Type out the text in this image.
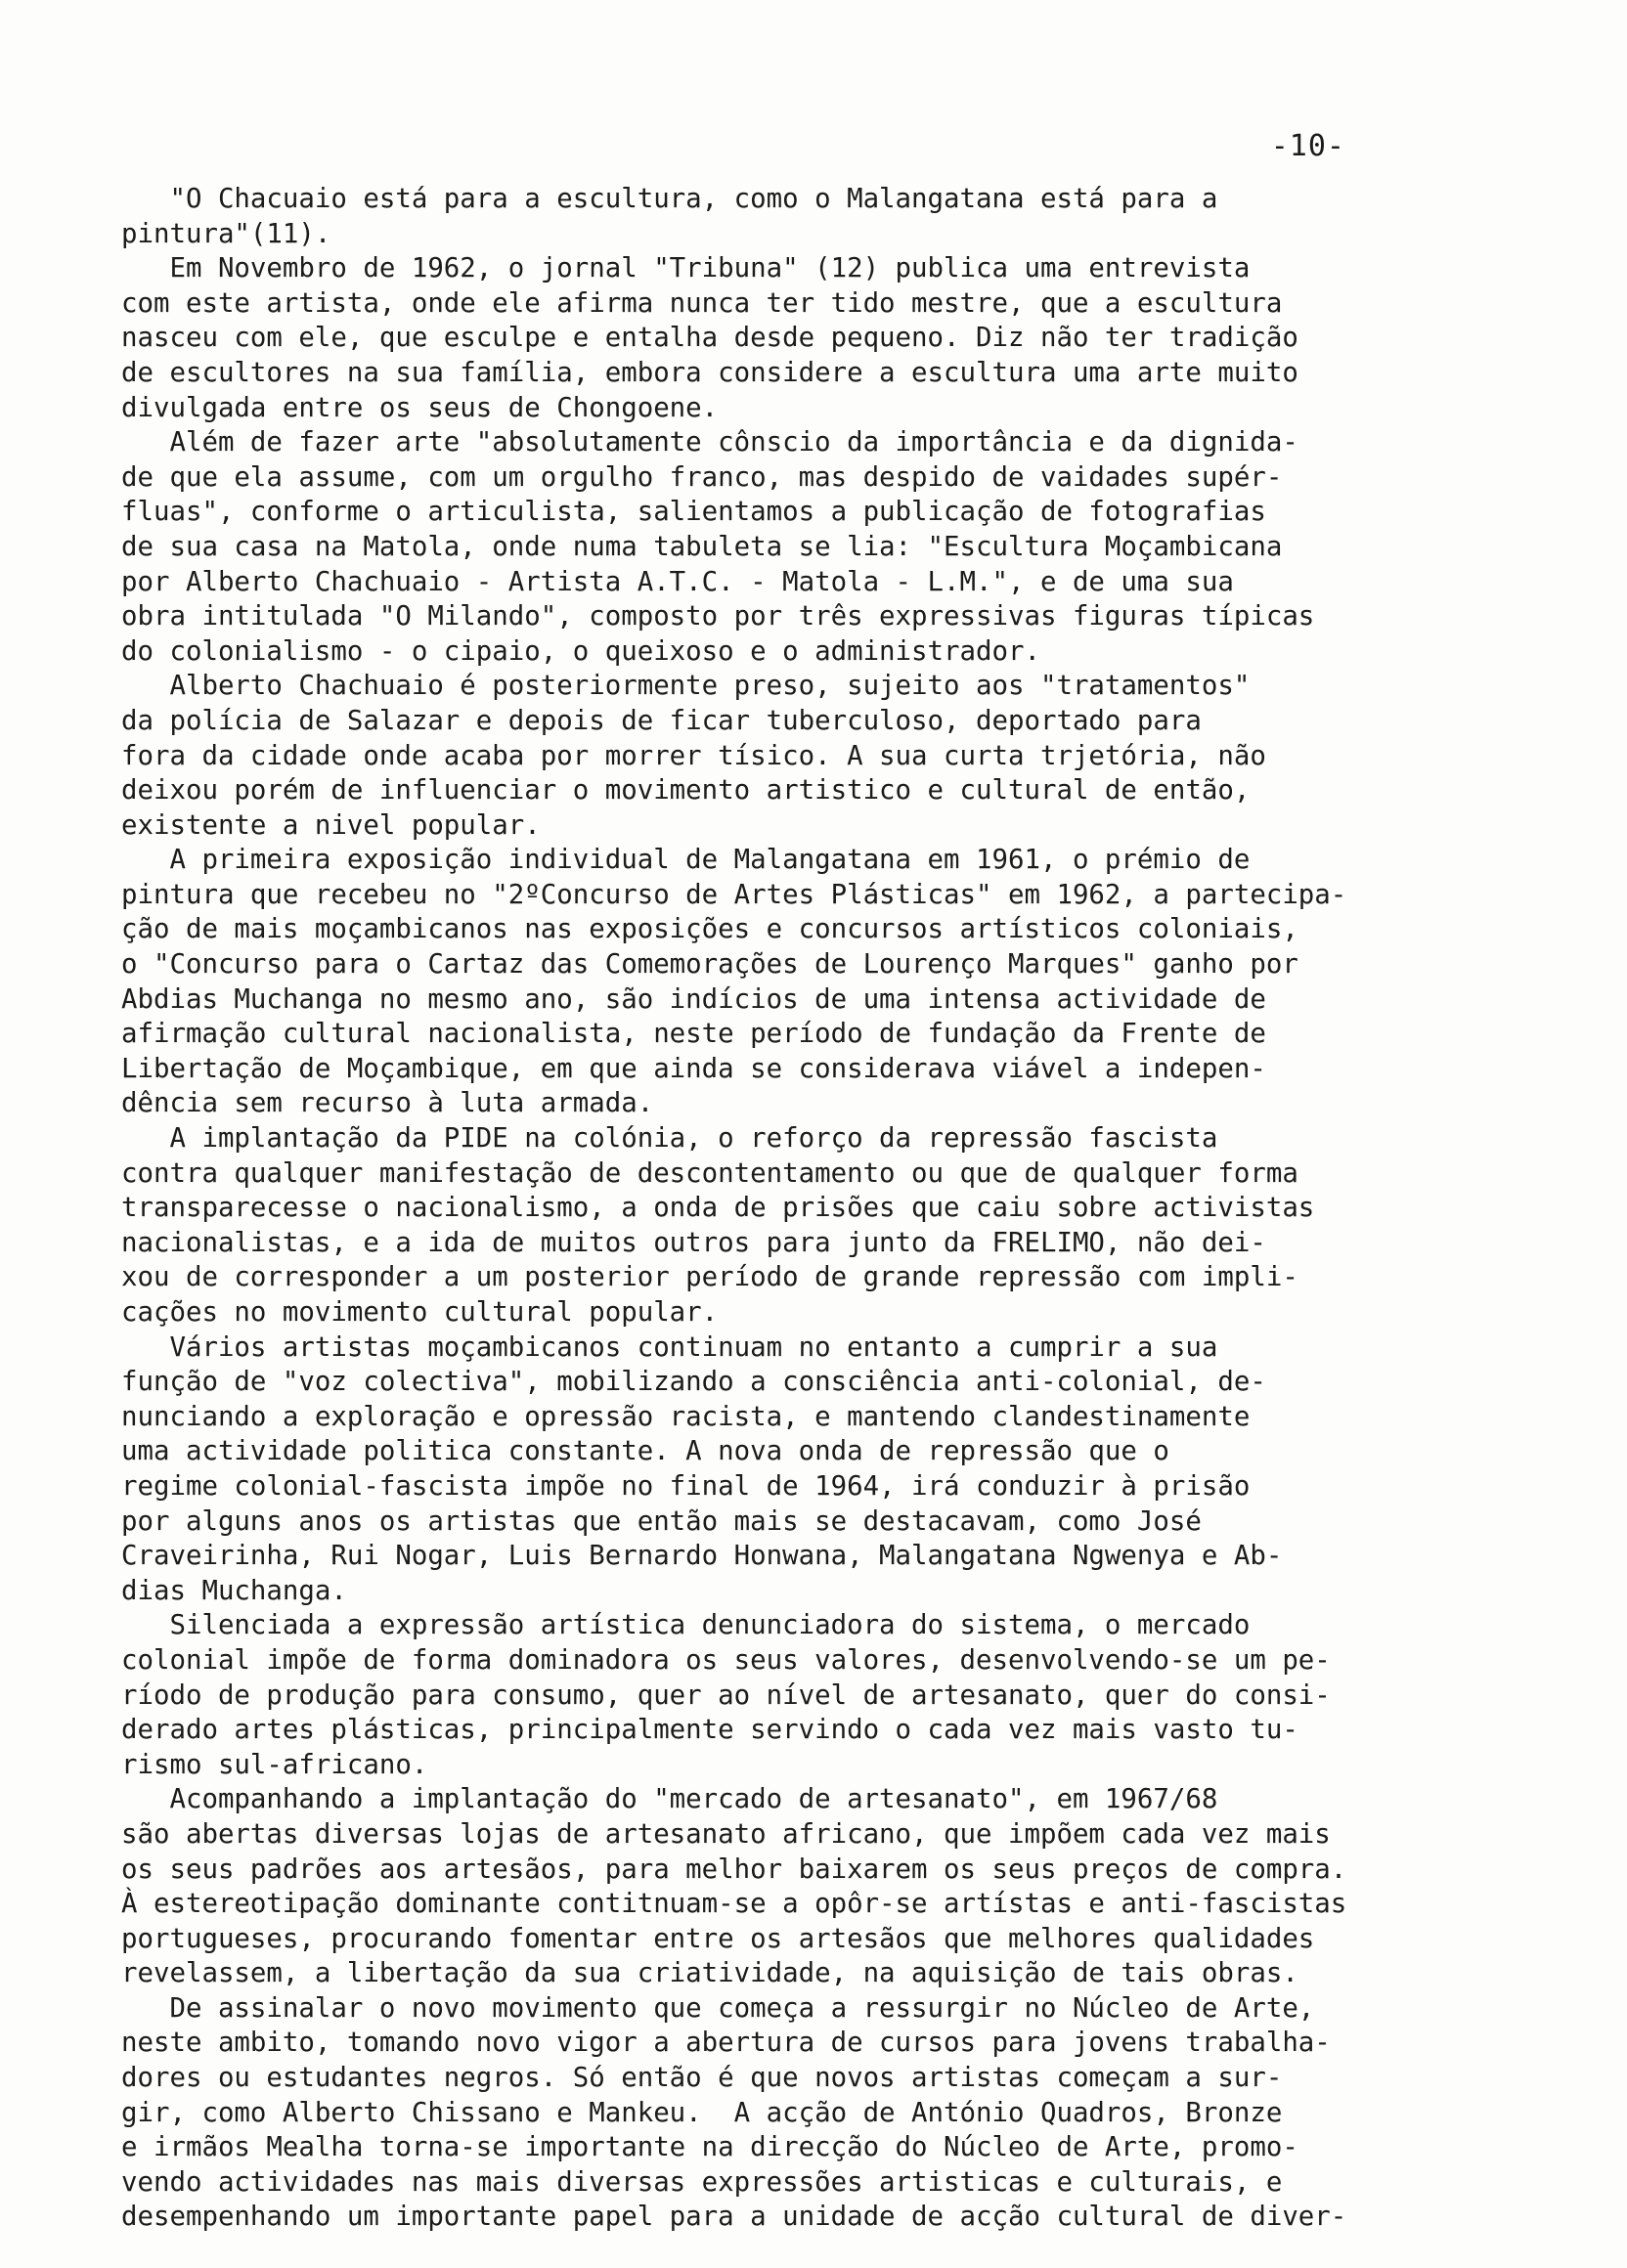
-10-
"O Chacuaio está para a escultura, como o Malangatana está para a
pintura"(11).
Em Novembro de 1962, o jornal "Tribuna" (12) publica uma entrevista
com este artista, onde ele afirma nunca ter tido mestre, que a escultura
nasceu com ele, que esculpe e entalha desde pequeno. Diz não ter tradição
de escultores na sua família, embora considere a escultura uma arte muito
divulgada entre os seus de Chongoene.
Além de fazer arte "absolutamente cônscio da importância e da dignida-
de que ela assume, com um orgulho franco, mas despido de vaidades supér-
fluas", conforme o articulista, salientamos a publicação de fotografias
de sua casa na Matola, onde numa tabuleta se lia: "Escultura Moçambicana
por Alberto Chachuaio - Artista A.T.C. - Matola - L.M.", e de uma sua
obra intitulada "O Milando", composto por três expressivas figuras típicas
do colonialismo - o cipaio, o queixoso e o administrador.
Alberto Chachuaio é posteriormente preso, sujeito aos "tratamentos"
da polícia de Salazar e depois de ficar tuberculoso, deportado para
fora da cidade onde acaba por morrer tísico. A sua curta trjetória, não
deixou porém de influenciar o movimento artistico e cultural de então,
existente a nivel popular.
A primeira exposição individual de Malangatana em 1961, o prémio de
pintura que recebeu no "2ºConcurso de Artes Plásticas" em 1962, a partecipa-
ção de mais moçambicanos nas exposições e concursos artísticos coloniais,
o "Concurso para o Cartaz das Comemorações de Lourenço Marques" ganho por
Abdias Muchanga no mesmo ano, são indícios de uma intensa actividade de
afirmação cultural nacionalista, neste período de fundação da Frente de
Libertação de Moçambique, em que ainda se considerava viável a indepen-
dência sem recurso à luta armada.
A implantação da PIDE na colónia, o reforço da repressão fascista
contra qualquer manifestação de descontentamento ou que de qualquer forma
transparecesse o nacionalismo, a onda de prisões que caiu sobre activistas
nacionalistas, e a ida de muitos outros para junto da FRELIMO, não dei-
xou de corresponder a um posterior período de grande repressão com impli-
cações no movimento cultural popular.
Vários artistas moçambicanos continuam no entanto a cumprir a sua
função de "voz colectiva", mobilizando a consciência anti-colonial, de-
nunciando a exploração e opressão racista, e mantendo clandestinamente
uma actividade politica constante. A nova onda de repressão que o
regime colonial-fascista impõe no final de 1964, irá conduzir à prisão
por alguns anos os artistas que então mais se destacavam, como José
Craveirinha, Rui Nogar, Luis Bernardo Honwana, Malangatana Ngwenya e Ab-
dias Muchanga.
Silenciada a expressão artística denunciadora do sistema, o mercado
colonial impõe de forma dominadora os seus valores, desenvolvendo-se um pe-
ríodo de produção para consumo, quer ao nível de artesanato, quer do consi-
derado artes plásticas, principalmente servindo o cada vez mais vasto tu-
rismo sul-africano.
Acompanhando a implantação do "mercado de artesanato", em 1967/68
são abertas diversas lojas de artesanato africano, que impõem cada vez mais
os seus padrões aos artesãos, para melhor baixarem os seus preços de compra.
À estereotipação dominante contitnuam-se a opôr-se artístas e anti-fascistas
portugueses, procurando fomentar entre os artesãos que melhores qualidades
revelassem, a libertação da sua criatividade, na aquisição de tais obras.
De assinalar o novo movimento que começa a ressurgir no Núcleo de Arte,
neste ambito, tomando novo vigor a abertura de cursos para jovens trabalha-
dores ou estudantes negros. Só então é que novos artistas começam a sur-
gir, como Alberto Chissano e Mankeu.  A acção de António Quadros, Bronze
e irmãos Mealha torna-se importante na direcção do Núcleo de Arte, promo-
vendo actividades nas mais diversas expressões artisticas e culturais, e
desempenhando um importante papel para a unidade de acção cultural de diver-
